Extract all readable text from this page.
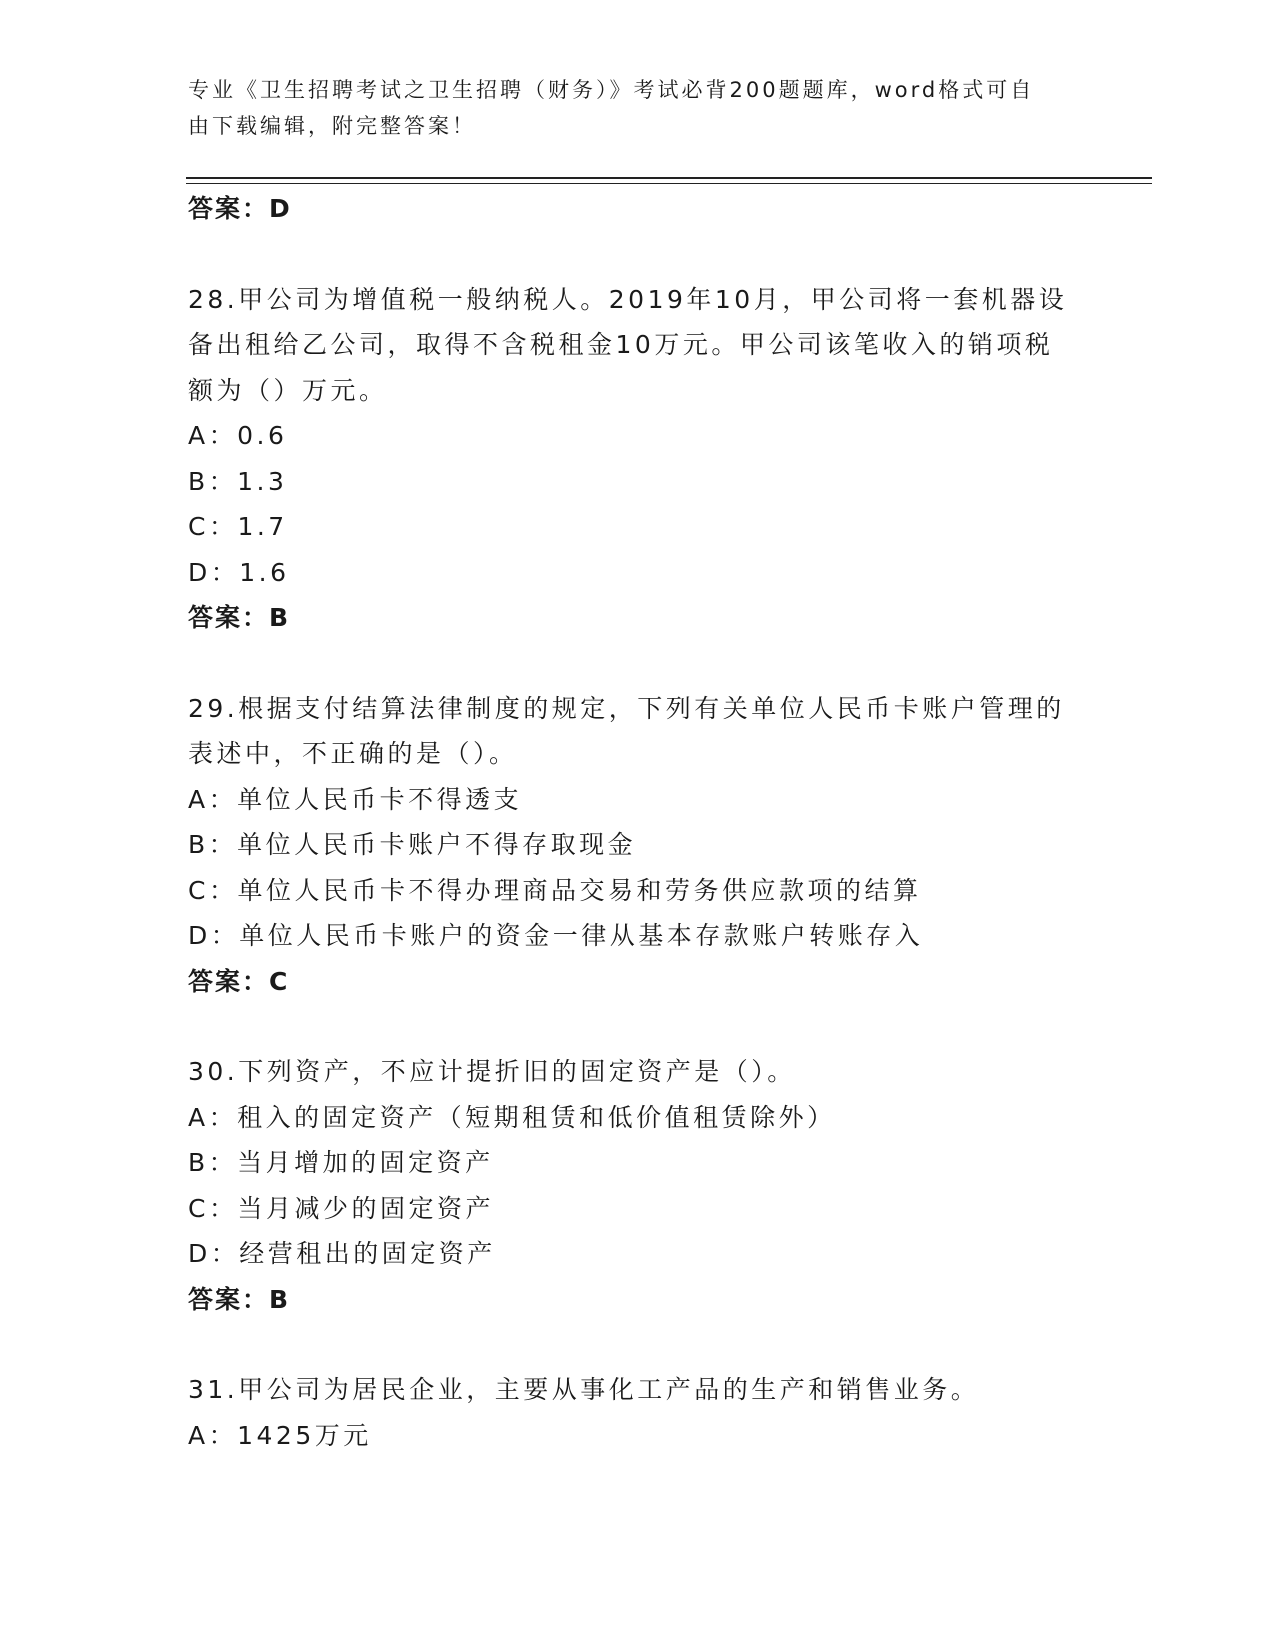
专业《卫生招聘考试之卫生招聘（财务）》考试必背200题题库，word格式可自
由下载编辑，附完整答案！
答案：D
28.甲公司为增值税一般纳税人。2019年10月，甲公司将一套机器设
备出租给乙公司，取得不含税租金10万元。甲公司该笔收入的销项税
额为（）万元。
A：0.6
B：1.3
C：1.7
D：1.6
答案：B
29.根据支付结算法律制度的规定，下列有关单位人民币卡账户管理的
表述中，不正确的是（）。
A：单位人民币卡不得透支
B：单位人民币卡账户不得存取现金
C：单位人民币卡不得办理商品交易和劳务供应款项的结算
D：单位人民币卡账户的资金一律从基本存款账户转账存入
答案：C
30.下列资产，不应计提折旧的固定资产是（）。
A：租入的固定资产（短期租赁和低价值租赁除外）
B：当月增加的固定资产
C：当月减少的固定资产
D：经营租出的固定资产
答案：B
31.甲公司为居民企业，主要从事化工产品的生产和销售业务。
A：1425万元
